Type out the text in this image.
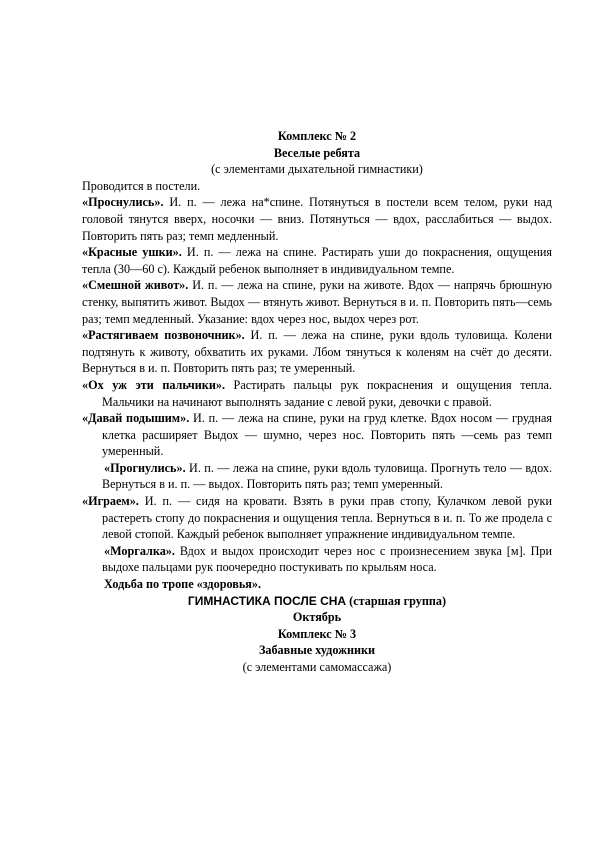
Комплекс № 2
Веселые ребята
(с элементами дыхательной гимнастики)
Проводится в постели.
«Проснулись». И. п. — лежа на*спине. Потянуться в постели всем телом, руки над головой тянутся вверх, носочки — вниз. Потянуться — вдох, расслабиться — выдох. Повторить пять раз; темп медленный.
«Красные ушки». И. п. — лежа на спине. Растирать уши до покраснения, ощущения тепла (30—60 с). Каждый ребенок выполняет в индивидуальном темпе.
«Смешной живот». И. п. — лежа на спине, руки на животе. Вдох — напрячь брюшную стенку, выпятить живот. Выдох — втянуть живот. Вернуться в и. п. Повторить пять—семь раз; темп медленный. Указание: вдох через нос, выдох через рот.
«Растягиваем позвоночник». И. п. — лежа на спине, руки вдоль туловища. Колени подтянуть к животу, обхватить их руками. Лбом тянуться к коленям на счёт до десяти. Вернуться в и. п. Повторить пять раз; те умеренный.
«Ох уж эти пальчики». Растирать пальцы рук покраснения и ощущения тепла. Мальчики на начинают выполнять задание с левой руки, девочки с правой.
«Давай подышим». И. п. — лежа на спине, руки на груд клетке. Вдох носом — грудная клетка расширяет Выдох — шумно, через нос. Повторить пять —семь раз темп умеренный.
«Прогнулись». И. п. — лежа на спине, руки вдоль туловища. Прогнуть тело — вдох. Вернуться в и. п. — выдох. Повторить пять раз; темп умеренный.
«Играем». И. п. — сидя на кровати. Взять в руки прав стопу, Кулачком левой руки растереть стопу до покраснения и ощущения тепла. Вернуться в и. п. То же продела с левой стопой. Каждый ребенок выполняет упражнение индивидуальном темпе.
«Моргалка». Вдох и выдох происходит через нос с произнесением звука [м]. При выдохе пальцами рук поочередно постукивать по крыльям носа.
Ходьба по тропе «здоровья».
ГИМНАСТИКА ПОСЛЕ СНА (старшая группа)
Октябрь
Комплекс № 3
Забавные художники
(с элементами самомассажа)
